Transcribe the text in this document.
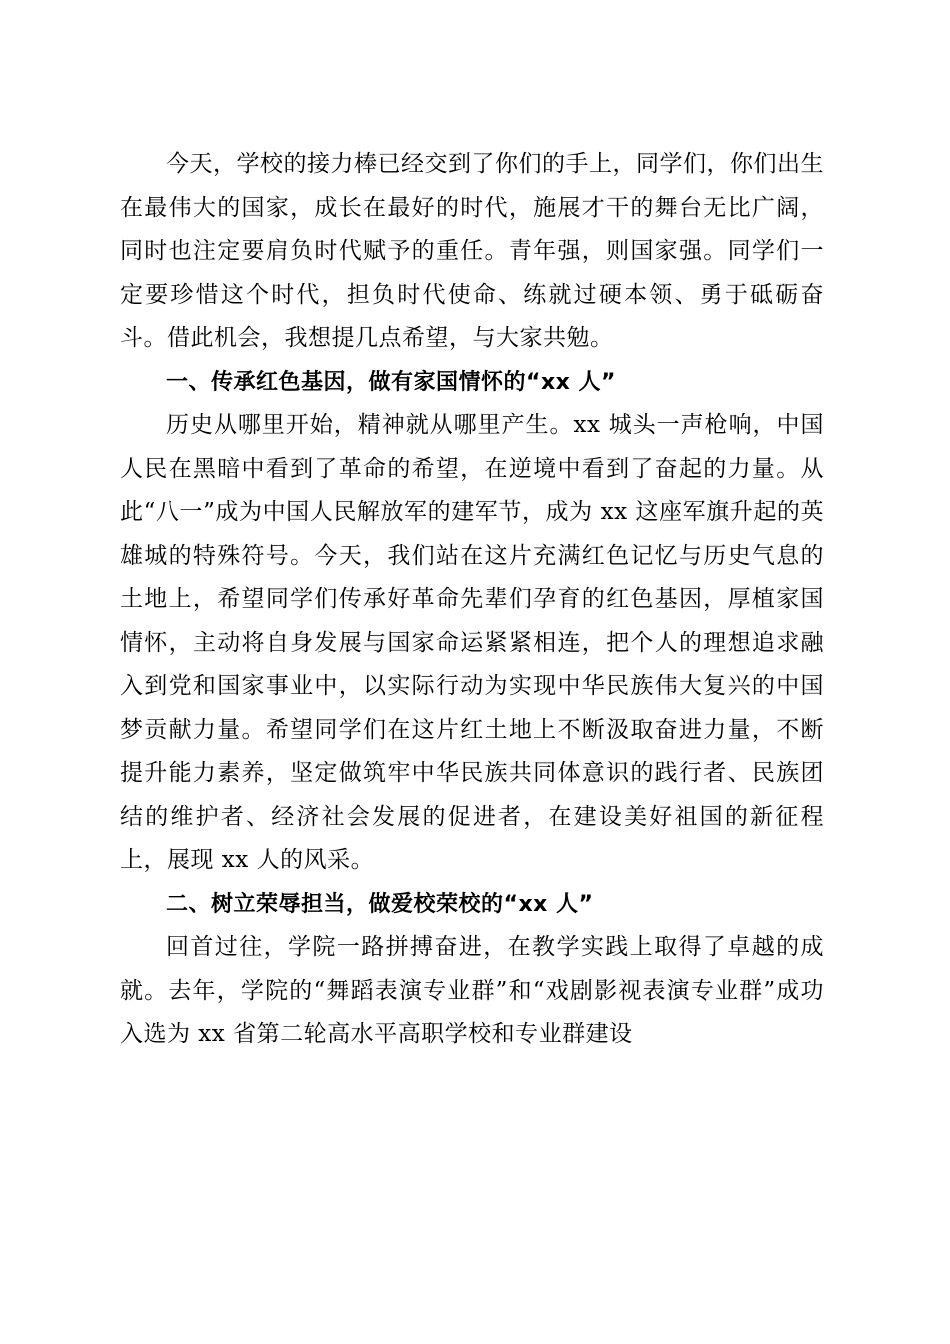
今天，学校的接力棒已经交到了你们的手上，同学们，你们出生在最伟大的国家，成长在最好的时代，施展才干的舞台无比广阔，同时也注定要肩负时代赋予的重任。青年强，则国家强。同学们一定要珍惜这个时代，担负时代使命、练就过硬本领、勇于砥砺奋斗。借此机会，我想提几点希望，与大家共勉。

一、传承红色基因，做有家国情怀的“xx 人”

历史从哪里开始，精神就从哪里产生。xx 城头一声枪响，中国人民在黑暗中看到了革命的希望，在逆境中看到了奋起的力量。从此“八一”成为中国人民解放军的建军节，成为 xx 这座军旗升起的英雄城的特殊符号。今天，我们站在这片充满红色记忆与历史气息的土地上，希望同学们传承好革命先辈们孕育的红色基因，厚植家国情怀，主动将自身发展与国家命运紧紧相连，把个人的理想追求融入到党和国家事业中，以实际行动为实现中华民族伟大复兴的中国梦贡献力量。希望同学们在这片红土地上不断汲取奋进力量，不断提升能力素养，坚定做筑牢中华民族共同体意识的践行者、民族团结的维护者、经济社会发展的促进者，在建设美好祖国的新征程上，展现 xx 人的风采。

二、树立荣辱担当，做爱校荣校的“xx 人”

回首过往，学院一路拼搏奋进，在教学实践上取得了卓越的成就。去年，学院的“舞蹈表演专业群”和“戏剧影视表演专业群”成功入选为 xx 省第二轮高水平高职学校和专业群建设
